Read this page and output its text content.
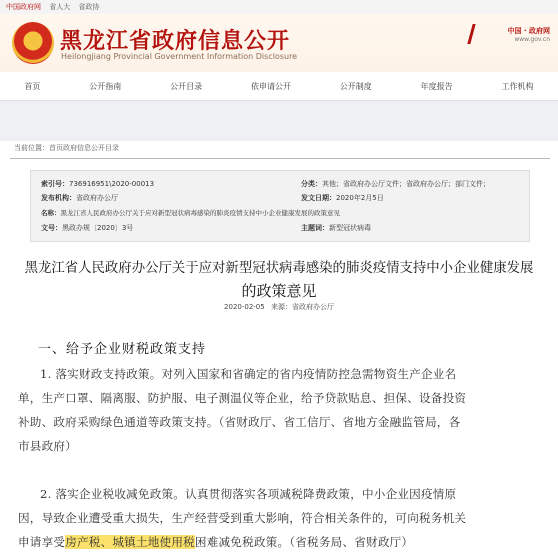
中国政府网 省人大 省政协
黑龙江省政府信息公开
Heilongjiang Provincial Government Information Disclosure
中国 · 政府网
www.gov.cn
首页	公开指南	公开目录	依申请公开	公开制度	年度报告	工作机构
当前位置：首页政府信息公开目录
索引号：736916951\2020-00013	分类：其他；省政府办公厅文件；省政府办公厅；部门文件；
发布机构：省政府办公厅	发文日期：2020年2月5日
名称：黑龙江省人民政府办公厅关于应对新型冠状病毒感染的肺炎疫情支持中小企业健康发展的政策意见
文号：黑政办规〔2020〕3号	主题词：新型冠状病毒
黑龙江省人民政府办公厅关于应对新型冠状病毒感染的肺炎疫情支持中小企业健康发展
的政策意见
2020-02-05 来源：省政府办公厅
一、给予企业财税政策支持
1. 落实财政支持政策。对列入国家和省确定的省内疫情防控急需物资生产企业名
单，生产口罩、隔离服、防护服、电子测温仪等企业，给予贷款贴息、担保、设备投资
补助、政府采购绿色通道等政策支持。（省财政厅、省工信厅、省地方金融监管局，各
市县政府）
2. 落实企业税收减免政策。认真贯彻落实各项减税降费政策，中小企业因疫情原
因，导致企业遭受重大损失，生产经营受到重大影响，符合相关条件的，可向税务机关
申请享受房产税、城镇土地使用税困难减免税政策。（省税务局、省财政厅）
